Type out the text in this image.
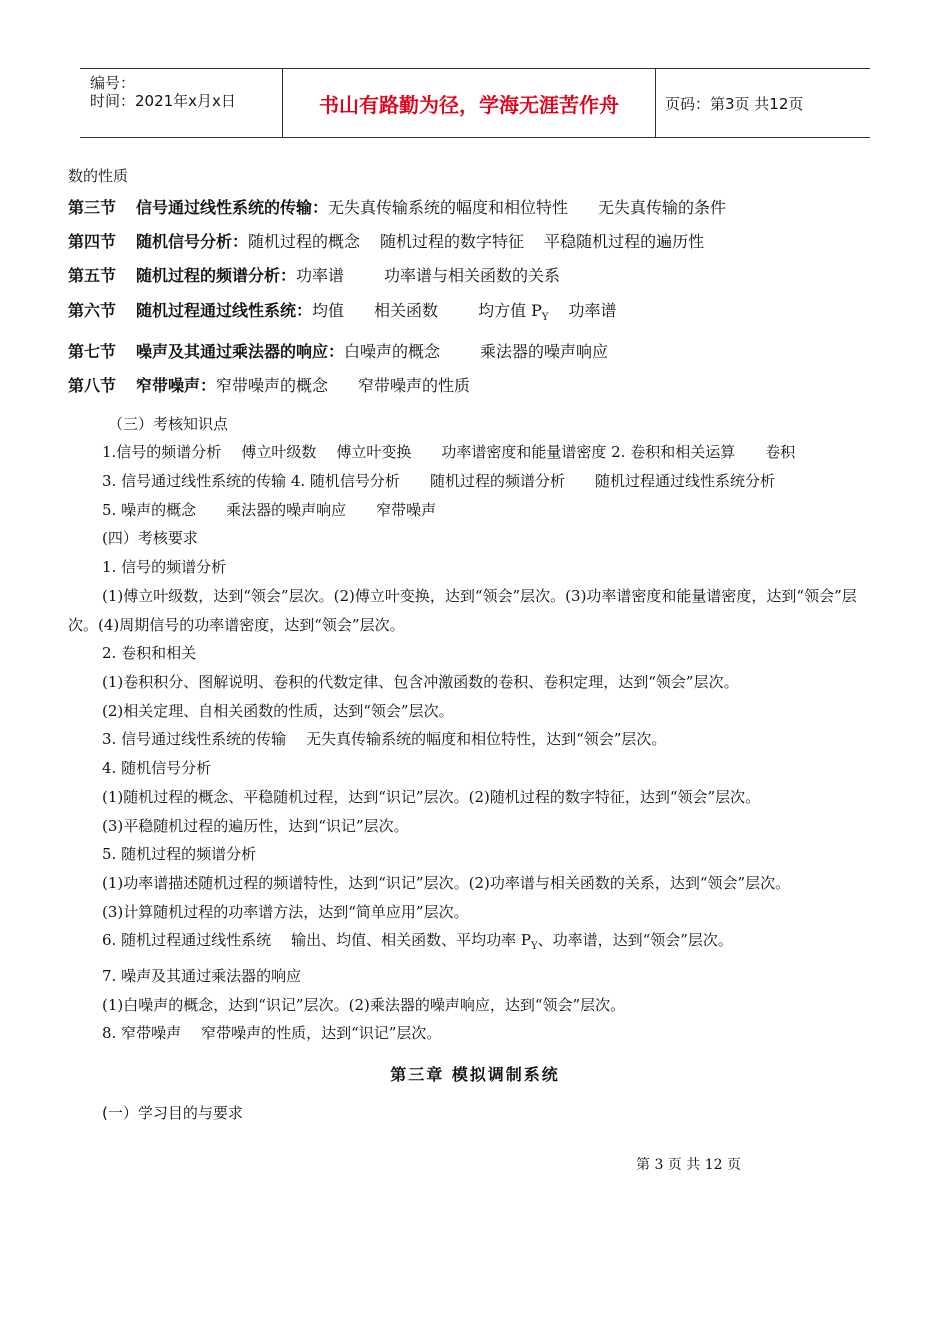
编号：
时间：2021年x月x日	书山有路勤为径，学海无涯苦作舟	页码：第3页 共12页

数的性质

第三节 信号通过线性系统的传输：无失真传输系统的幅度和相位特性 无失真传输的条件

第四节 随机信号分析：随机过程的概念 随机过程的数字特征 平稳随机过程的遍历性

第五节 随机过程的频谱分析：功率谱	功率谱与相关函数的关系

第六节 随机过程通过线性系统：均值 相关函数	均方值 $P_Y$ 功率谱

第七节 噪声及其通过乘法器的响应：白噪声的概念	乘法器的噪声响应

第八节 窄带噪声：窄带噪声的概念 窄带噪声的性质

（三）考核知识点

1.信号的频谱分析 傅立叶级数 傅立叶变换 功率谱密度和能量谱密度 2. 卷积和相关运算 卷积

3. 信号通过线性系统的传输 4. 随机信号分析 随机过程的频谱分析 随机过程通过线性系统分析

5. 噪声的概念 乘法器的噪声响应 窄带噪声

(四）考核要求

1. 信号的频谱分析

(1)傅立叶级数，达到“领会”层次。(2)傅立叶变换，达到“领会”层次。(3)功率谱密度和能量谱密度，达到“领会”层次。(4)周期信号的功率谱密度，达到“领会”层次。

2. 卷积和相关

(1)卷积积分、图解说明、卷积的代数定律、包含冲激函数的卷积、卷积定理，达到“领会”层次。

(2)相关定理、自相关函数的性质，达到“领会”层次。

3. 信号通过线性系统的传输 无失真传输系统的幅度和相位特性，达到“领会”层次。

4. 随机信号分析

(1)随机过程的概念、平稳随机过程，达到“识记”层次。(2)随机过程的数字特征，达到“领会”层次。

(3)平稳随机过程的遍历性，达到“识记”层次。

5. 随机过程的频谱分析

(1)功率谱描述随机过程的频谱特性，达到“识记”层次。(2)功率谱与相关函数的关系，达到“领会”层次。

(3)计算随机过程的功率谱方法，达到“简单应用”层次。

6. 随机过程通过线性系统 输出、均值、相关函数、平均功率 $P_Y$、功率谱，达到“领会”层次。

7. 噪声及其通过乘法器的响应

(1)白噪声的概念，达到“识记”层次。(2)乘法器的噪声响应，达到“领会”层次。

8. 窄带噪声 窄带噪声的性质，达到“识记”层次。

第三章 模拟调制系统
(一）学习目的与要求
第 3 页 共 12 页
